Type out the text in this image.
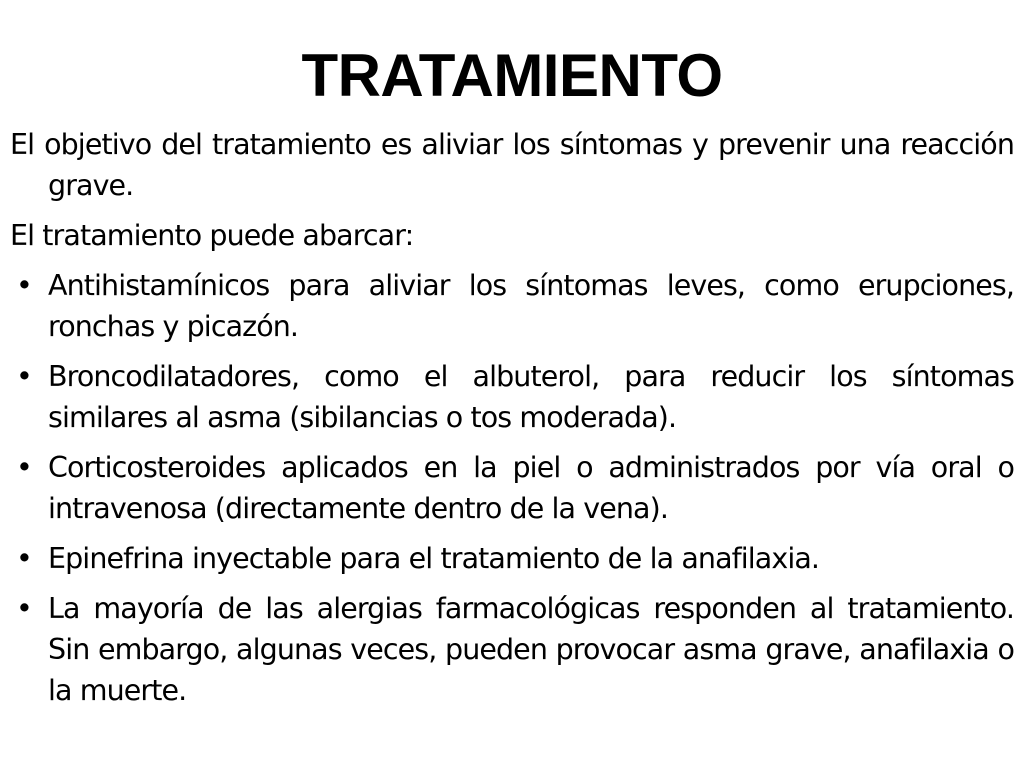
TRATAMIENTO

El objetivo del tratamiento es aliviar los síntomas y prevenir una reacción grave.

El tratamiento puede abarcar:

• Antihistamínicos para aliviar los síntomas leves, como erupciones, ronchas y picazón.
• Broncodilatadores, como el albuterol, para reducir los síntomas similares al asma (sibilancias o tos moderada).
• Corticosteroides aplicados en la piel o administrados por vía oral o intravenosa (directamente dentro de la vena).
• Epinefrina inyectable para el tratamiento de la anafilaxia.
• La mayoría de las alergias farmacológicas responden al tratamiento. Sin embargo, algunas veces, pueden provocar asma grave, anafilaxia o la muerte.
